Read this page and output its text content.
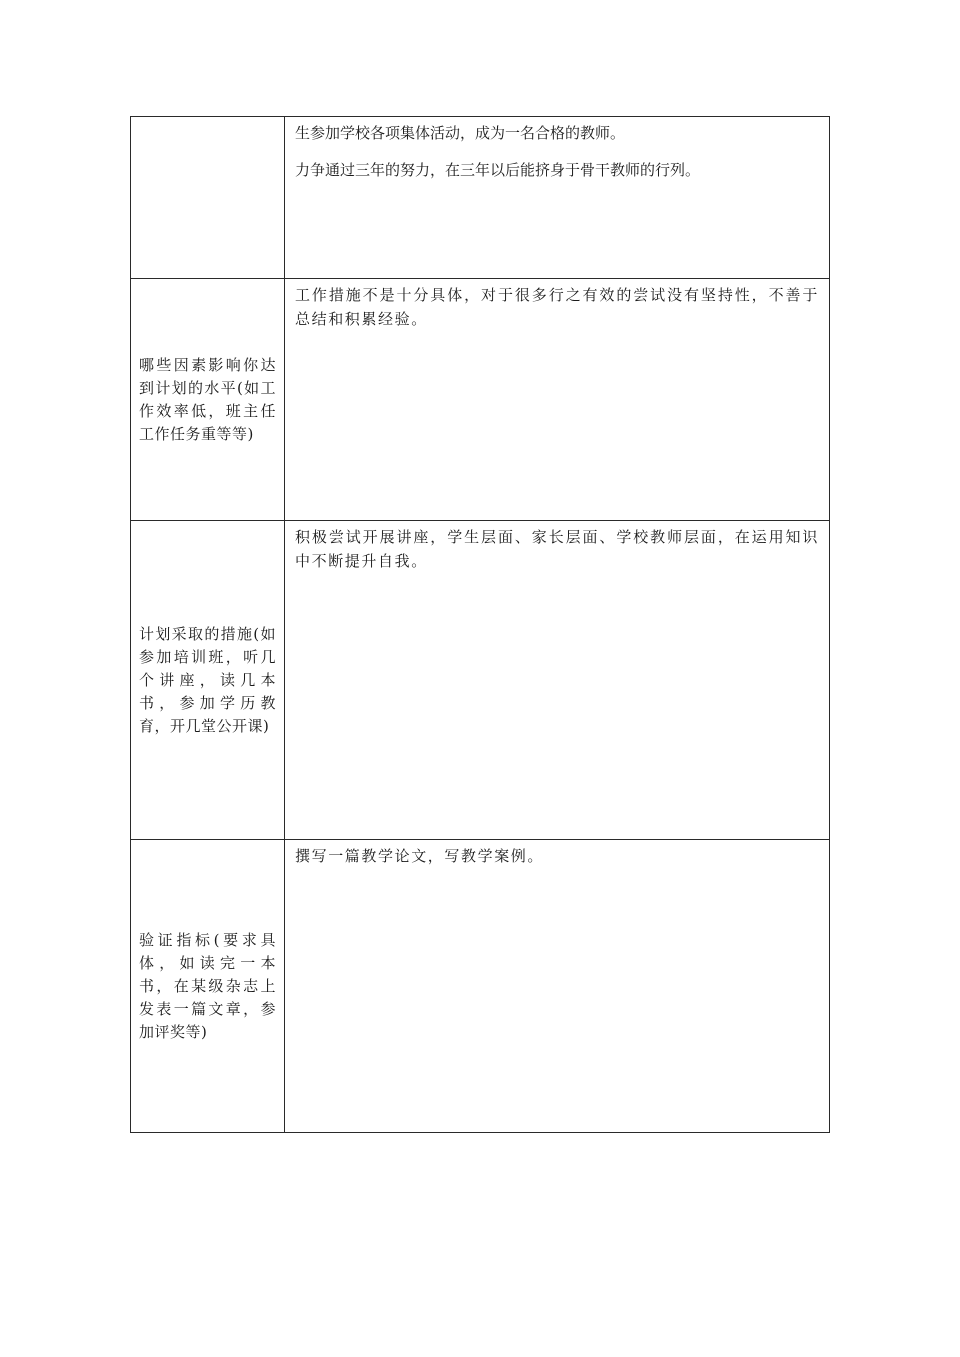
	生参加学校各项集体活动，成为一名合格的教师。
力争通过三年的努力，在三年以后能挤身于骨干教师的行列。

哪些因素影响你达到计划的水平(如工作效率低，班主任工作任务重等等)	工作措施不是十分具体，对于很多行之有效的尝试没有坚持性，不善于总结和积累经验。

计划采取的措施(如参加培训班，听几个讲座，读几本书，参加学历教育，开几堂公开课)	积极尝试开展讲座，学生层面、家长层面、学校教师层面，在运用知识中不断提升自我。

验证指标(要求具体，如读完一本书，在某级杂志上发表一篇文章，参加评奖等)	撰写一篇教学论文，写教学案例。
